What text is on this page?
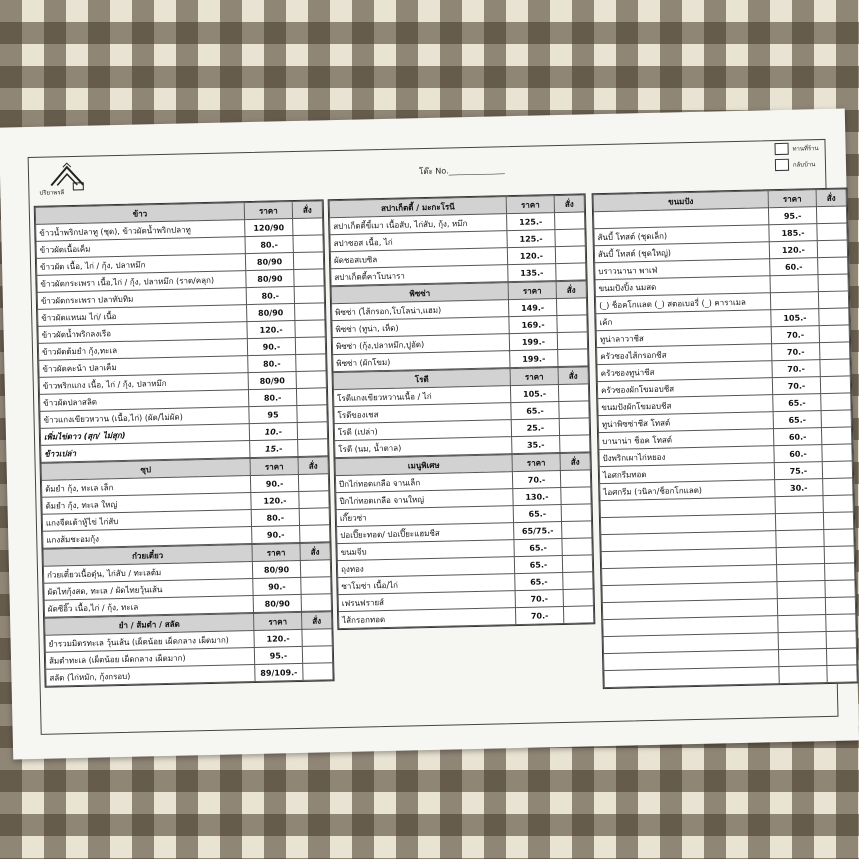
ปริยาพรลี
โต๊ะ No.______________
ทานที่ร้าน
กลับบ้าน
ข้าว	ราคา	สั่ง
ข้าวน้ำพริกปลาทู (ชุด), ข้าวผัดน้ำพริกปลาทู	120/90	
ข้าวผัดเนื้อเค็ม	80.-	
ข้าวผัด เนื้อ, ไก่ / กุ้ง, ปลาหมึก	80/90	
ข้าวผัดกระเพรา เนื้อ,ไก่ / กุ้ง, ปลาหมึก (ราด/คลุก)	80/90	
ข้าวผัดกระเพรา ปลาทับทิม	80.-	
ข้าวผัดแหนม ไก่/ เนื้อ	80/90	
ข้าวผัดน้ำพริกลงเรือ	120.-	
ข้าวผัดต้มยำ กุ้ง,ทะเล	90.-	
ข้าวผัดคะน้า ปลาเค็ม	80.-	
ข้าวพริกแกง เนื้อ, ไก่ / กุ้ง, ปลาหมึก	80/90	
ข้าวผัดปลาสลิด	80.-	
ข้าวแกงเขียวหวาน (เนื้อ,ไก่) (ผัด/ไม่ผัด)	95	
เพิ่มไข่ดาว (สุก/ ไม่สุก)	10.-	
ข้าวเปล่า	15.-	
ซุป	ราคา	สั่ง
ต้มยำ กุ้ง, ทะเล เล็ก	90.-	
ต้มยำ กุ้ง, ทะเล ใหญ่	120.-	
แกงจืดเต้าหู้ไข่ ไก่สับ	80.-	
แกงส้มชะอมกุ้ง	90.-	
ก๋วยเตี๋ยว	ราคา	สั่ง
ก๋วยเตี๋ยวเนื้อตุ๋น, ไก่สับ / ทะเลต้ม	80/90	
ผัดไทกุ้งสด, ทะเล / ผัดไทยวุ้นเส้น	90.-	
ผัดซีอิ๊ว เนื้อ,ไก่ / กุ้ง, ทะเล	80/90	
ยำ / ส้มตำ / สลัด	ราคา	สั่ง
ยำรวมมิตรทะเล วุ้นเส้น (เผ็ดน้อย เผ็ดกลาง เผ็ดมาก)	120.-	
ส้มตำทะเล (เผ็ดน้อย เผ็ดกลาง เผ็ดมาก)	95.-	
สลัด (ไก่หมัก, กุ้งกรอบ)	89/109.-	
สปาเก็ตตี้ / มะกะโรนี	ราคา	สั่ง
สปาเก็ตตี้ขี้เมา เนื้อสับ, ไก่สับ, กุ้ง, หมึก	125.-	
สปาซอส เนื้อ, ไก่	125.-	
ผัดชอสเบซิล	120.-	
สปาเก็ตตี้คาโบนารา	135.-	
พิซซ่า	ราคา	สั่ง
พิซซ่า (ไส้กรอก,โบโลน่า,แฮม)	149.-	
พิซซ่า (ทูน่า, เห็ด)	169.-	
พิซซ่า (กุ้ง,ปลาหมึก,ปูอัด)	199.-	
พิซซ่า (ผักโขม)	199.-	
โรตี	ราคา	สั่ง
โรตีแกงเขียวหวานเนื้อ / ไก่	105.-	
โรตีของเชส	65.-	
โรตี (เปล่า)	25.-	
โรตี (นม, น้ำตาล)	35.-	
เมนูพิเศษ	ราคา	สั่ง
ปีกไก่ทอดเกลือ จานเล็ก	70.-	
ปีกไก่ทอดเกลือ จานใหญ่	130.-	
เกี๊ยวซ่า	65.-	
ปอเปี๊ยะทอด/ ปอเปี๊ยะแฮมชีส	65/75.-	
ขนมจีบ	65.-	
ถุงทอง	65.-	
ซาโมซ่า เนื้อ/ไก่	65.-	
เฟรนฟรายส์	70.-	
ไส้กรอกทอด	70.-	
ขนมปัง	ราคา	สั่ง
	95.-	
สันบี้ โทสต์ (ชุดเล็ก)	185.-	
สันบี้ โทสต์ (ชุดใหญ่)	120.-	
บราวนานา พาเฟ่	60.-	
ขนมปังปิ้ง นมสด		
(_) ช็อคโกแลต (_) สตอเบอรี่ (_) คาราเมล		
เค้ก	105.-	
ทูน่าลาวาชีส	70.-	
ครัวซองไส้กรอกชีส	70.-	
ครัวซองทูน่าชีส	70.-	
ครัวซองผักโขมอบชีส	70.-	
ขนมปังผักโขมอบชีส	65.-	
ทูน่าพิซซ่าชีส โทสต์	65.-	
บานาน่า ช็อค โทสต์	60.-	
ปังพริกเผาไก่หยอง	60.-	
ไอศกรีมทอด	75.-	
ไอศกรีม (วนิลา/ช็อกโกแลต)	30.-	
